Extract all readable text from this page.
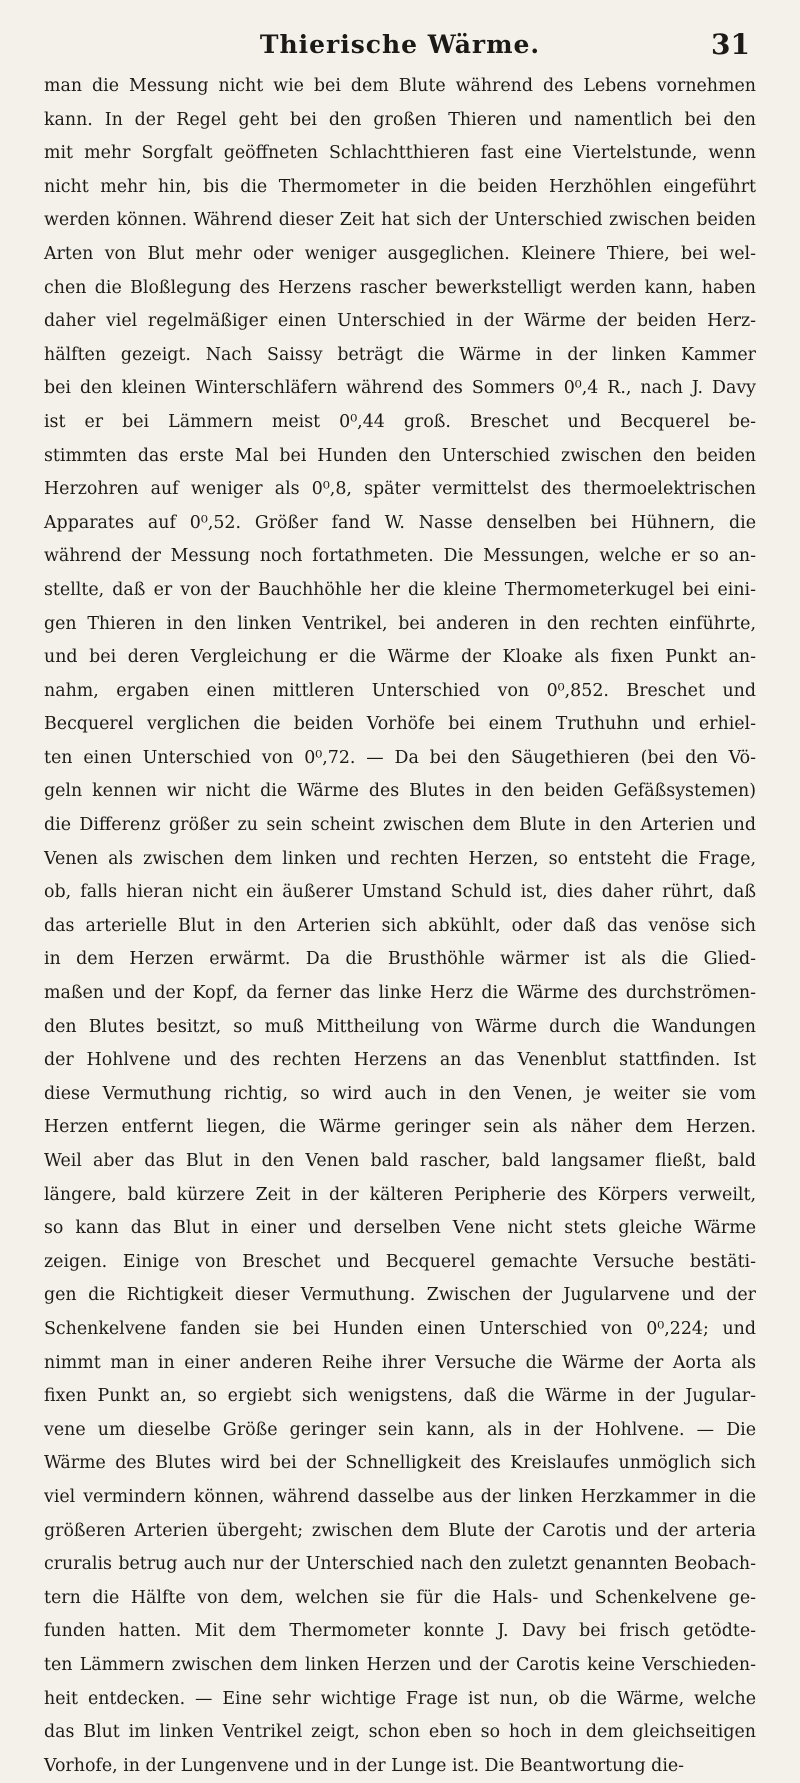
Thierische Wärme.	31
man die Messung nicht wie bei dem Blute während des Lebens vornehmen
kann. In der Regel geht bei den großen Thieren und namentlich bei den
mit mehr Sorgfalt geöffneten Schlachtthieren fast eine Viertelstunde, wenn
nicht mehr hin, bis die Thermometer in die beiden Herzhöhlen eingeführt
werden können. Während dieser Zeit hat sich der Unterschied zwischen beiden
Arten von Blut mehr oder weniger ausgeglichen. Kleinere Thiere, bei wel-
chen die Bloßlegung des Herzens rascher bewerkstelligt werden kann, haben
daher viel regelmäßiger einen Unterschied in der Wärme der beiden Herz-
hälften gezeigt. Nach Saissy beträgt die Wärme in der linken Kammer
bei den kleinen Winterschläfern während des Sommers 0⁰,4 R., nach J. Davy
ist er bei Lämmern meist 0⁰,44 groß. Breschet und Becquerel be-
stimmten das erste Mal bei Hunden den Unterschied zwischen den beiden
Herzohren auf weniger als 0⁰,8, später vermittelst des thermoelektrischen
Apparates auf 0⁰,52. Größer fand W. Nasse denselben bei Hühnern, die
während der Messung noch fortathmeten. Die Messungen, welche er so an-
stellte, daß er von der Bauchhöhle her die kleine Thermometerkugel bei eini-
gen Thieren in den linken Ventrikel, bei anderen in den rechten einführte,
und bei deren Vergleichung er die Wärme der Kloake als fixen Punkt an-
nahm, ergaben einen mittleren Unterschied von 0⁰,852. Breschet und
Becquerel verglichen die beiden Vorhöfe bei einem Truthuhn und erhiel-
ten einen Unterschied von 0⁰,72. — Da bei den Säugethieren (bei den Vö-
geln kennen wir nicht die Wärme des Blutes in den beiden Gefäßsystemen)
die Differenz größer zu sein scheint zwischen dem Blute in den Arterien und
Venen als zwischen dem linken und rechten Herzen, so entsteht die Frage,
ob, falls hieran nicht ein äußerer Umstand Schuld ist, dies daher rührt, daß
das arterielle Blut in den Arterien sich abkühlt, oder daß das venöse sich
in dem Herzen erwärmt. Da die Brusthöhle wärmer ist als die Glied-
maßen und der Kopf, da ferner das linke Herz die Wärme des durchströmen-
den Blutes besitzt, so muß Mittheilung von Wärme durch die Wandungen
der Hohlvene und des rechten Herzens an das Venenblut stattfinden. Ist
diese Vermuthung richtig, so wird auch in den Venen, je weiter sie vom
Herzen entfernt liegen, die Wärme geringer sein als näher dem Herzen.
Weil aber das Blut in den Venen bald rascher, bald langsamer fließt, bald
längere, bald kürzere Zeit in der kälteren Peripherie des Körpers verweilt,
so kann das Blut in einer und derselben Vene nicht stets gleiche Wärme
zeigen. Einige von Breschet und Becquerel gemachte Versuche bestäti-
gen die Richtigkeit dieser Vermuthung. Zwischen der Jugularvene und der
Schenkelvene fanden sie bei Hunden einen Unterschied von 0⁰,224; und
nimmt man in einer anderen Reihe ihrer Versuche die Wärme der Aorta als
fixen Punkt an, so ergiebt sich wenigstens, daß die Wärme in der Jugular-
vene um dieselbe Größe geringer sein kann, als in der Hohlvene. — Die
Wärme des Blutes wird bei der Schnelligkeit des Kreislaufes unmöglich sich
viel vermindern können, während dasselbe aus der linken Herzkammer in die
größeren Arterien übergeht; zwischen dem Blute der Carotis und der arteria
cruralis betrug auch nur der Unterschied nach den zuletzt genannten Beobach-
tern die Hälfte von dem, welchen sie für die Hals- und Schenkelvene ge-
funden hatten. Mit dem Thermometer konnte J. Davy bei frisch getödte-
ten Lämmern zwischen dem linken Herzen und der Carotis keine Verschieden-
heit entdecken. — Eine sehr wichtige Frage ist nun, ob die Wärme, welche
das Blut im linken Ventrikel zeigt, schon eben so hoch in dem gleichseitigen
Vorhofe, in der Lungenvene und in der Lunge ist. Die Beantwortung die-
